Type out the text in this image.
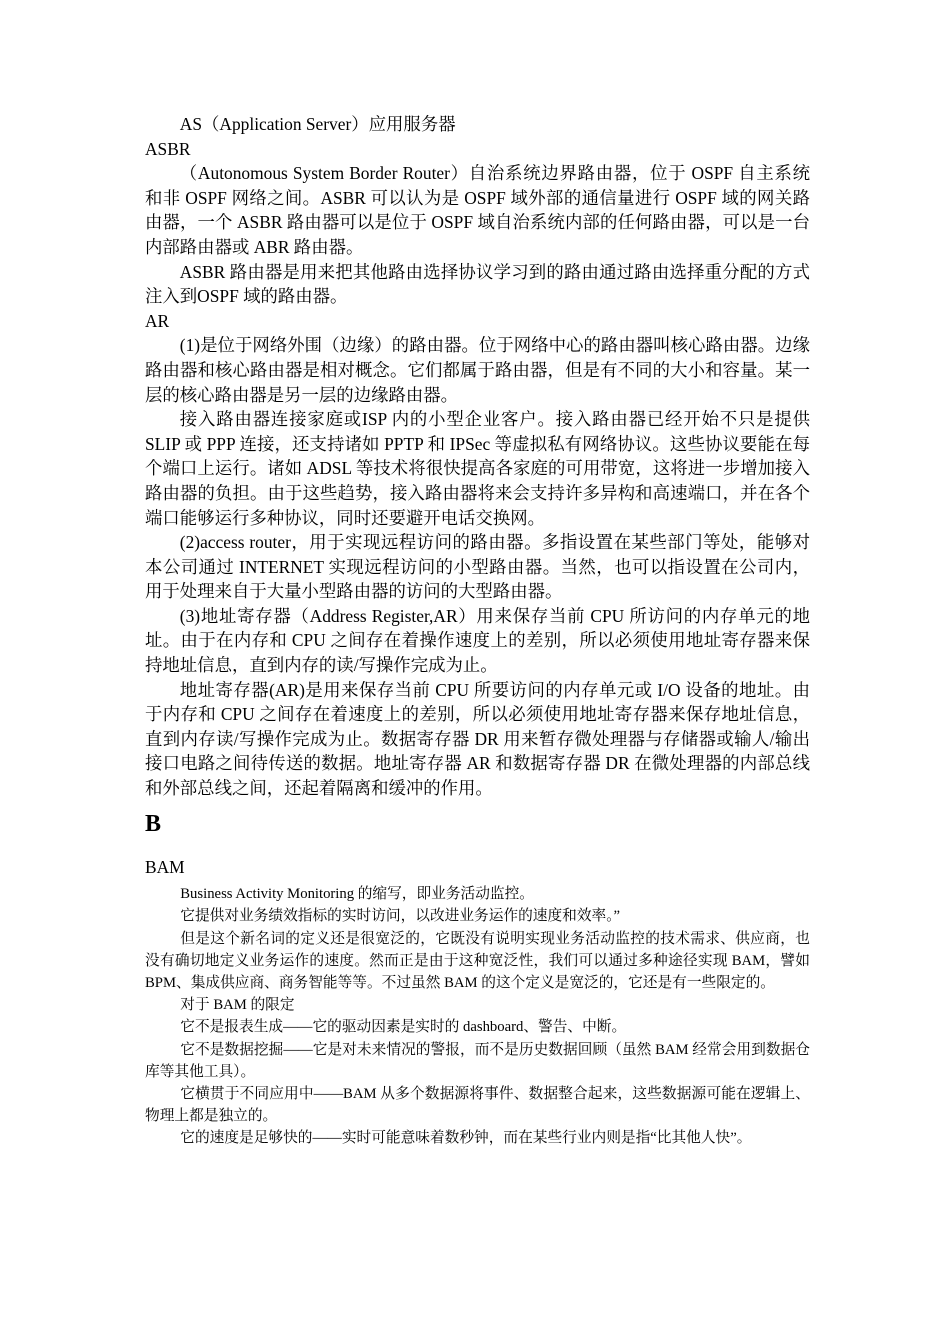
AS（Application Server）应用服务器

ASBR

（Autonomous System Border Router）自治系统边界路由器，位于 OSPF 自主系统和非 OSPF 网络之间。ASBR 可以认为是 OSPF 域外部的通信量进行 OSPF 域的网关路由器，一个 ASBR 路由器可以是位于 OSPF 域自治系统内部的任何路由器，可以是一台内部路由器或 ABR 路由器。

ASBR 路由器是用来把其他路由选择协议学习到的路由通过路由选择重分配的方式注入到OSPF 域的路由器。

AR

(1)是位于网络外围（边缘）的路由器。位于网络中心的路由器叫核心路由器。边缘路由器和核心路由器是相对概念。它们都属于路由器，但是有不同的大小和容量。某一层的核心路由器是另一层的边缘路由器。

接入路由器连接家庭或ISP 内的小型企业客户。接入路由器已经开始不只是提供 SLIP 或 PPP 连接，还支持诸如 PPTP 和 IPSec 等虚拟私有网络协议。这些协议要能在每个端口上运行。诸如 ADSL 等技术将很快提高各家庭的可用带宽，这将进一步增加接入路由器的负担。由于这些趋势，接入路由器将来会支持许多异构和高速端口，并在各个端口能够运行多种协议，同时还要避开电话交换网。

(2)access router，用于实现远程访问的路由器。多指设置在某些部门等处，能够对本公司通过 INTERNET 实现远程访问的小型路由器。当然，也可以指设置在公司内，用于处理来自于大量小型路由器的访问的大型路由器。

(3)地址寄存器（Address Register,AR）用来保存当前 CPU 所访问的内存单元的地址。由于在内存和 CPU 之间存在着操作速度上的差别，所以必须使用地址寄存器来保持地址信息，直到内存的读/写操作完成为止。

地址寄存器(AR)是用来保存当前 CPU 所要访问的内存单元或 I/O 设备的地址。由于内存和 CPU 之间存在着速度上的差别，所以必须使用地址寄存器来保存地址信息，直到内存读/写操作完成为止。数据寄存器 DR 用来暂存微处理器与存储器或输人/输出接口电路之间待传送的数据。地址寄存器 AR 和数据寄存器 DR 在微处理器的内部总线和外部总线之间，还起着隔离和缓冲的作用。

B

BAM

Business Activity Monitoring 的缩写，即业务活动监控。

它提供对业务绩效指标的实时访问，以改进业务运作的速度和效率。”

但是这个新名词的定义还是很宽泛的，它既没有说明实现业务活动监控的技术需求、供应商，也没有确切地定义业务运作的速度。然而正是由于这种宽泛性，我们可以通过多种途径实现 BAM，譬如 BPM、集成供应商、商务智能等等。不过虽然 BAM 的这个定义是宽泛的，它还是有一些限定的。

对于 BAM 的限定

它不是报表生成——它的驱动因素是实时的 dashboard、警告、中断。

它不是数据挖掘——它是对未来情况的警报，而不是历史数据回顾（虽然 BAM 经常会用到数据仓库等其他工具）。

它横贯于不同应用中——BAM 从多个数据源将事件、数据整合起来，这些数据源可能在逻辑上、物理上都是独立的。

它的速度是足够快的——实时可能意味着数秒钟，而在某些行业内则是指“比其他人快”。
